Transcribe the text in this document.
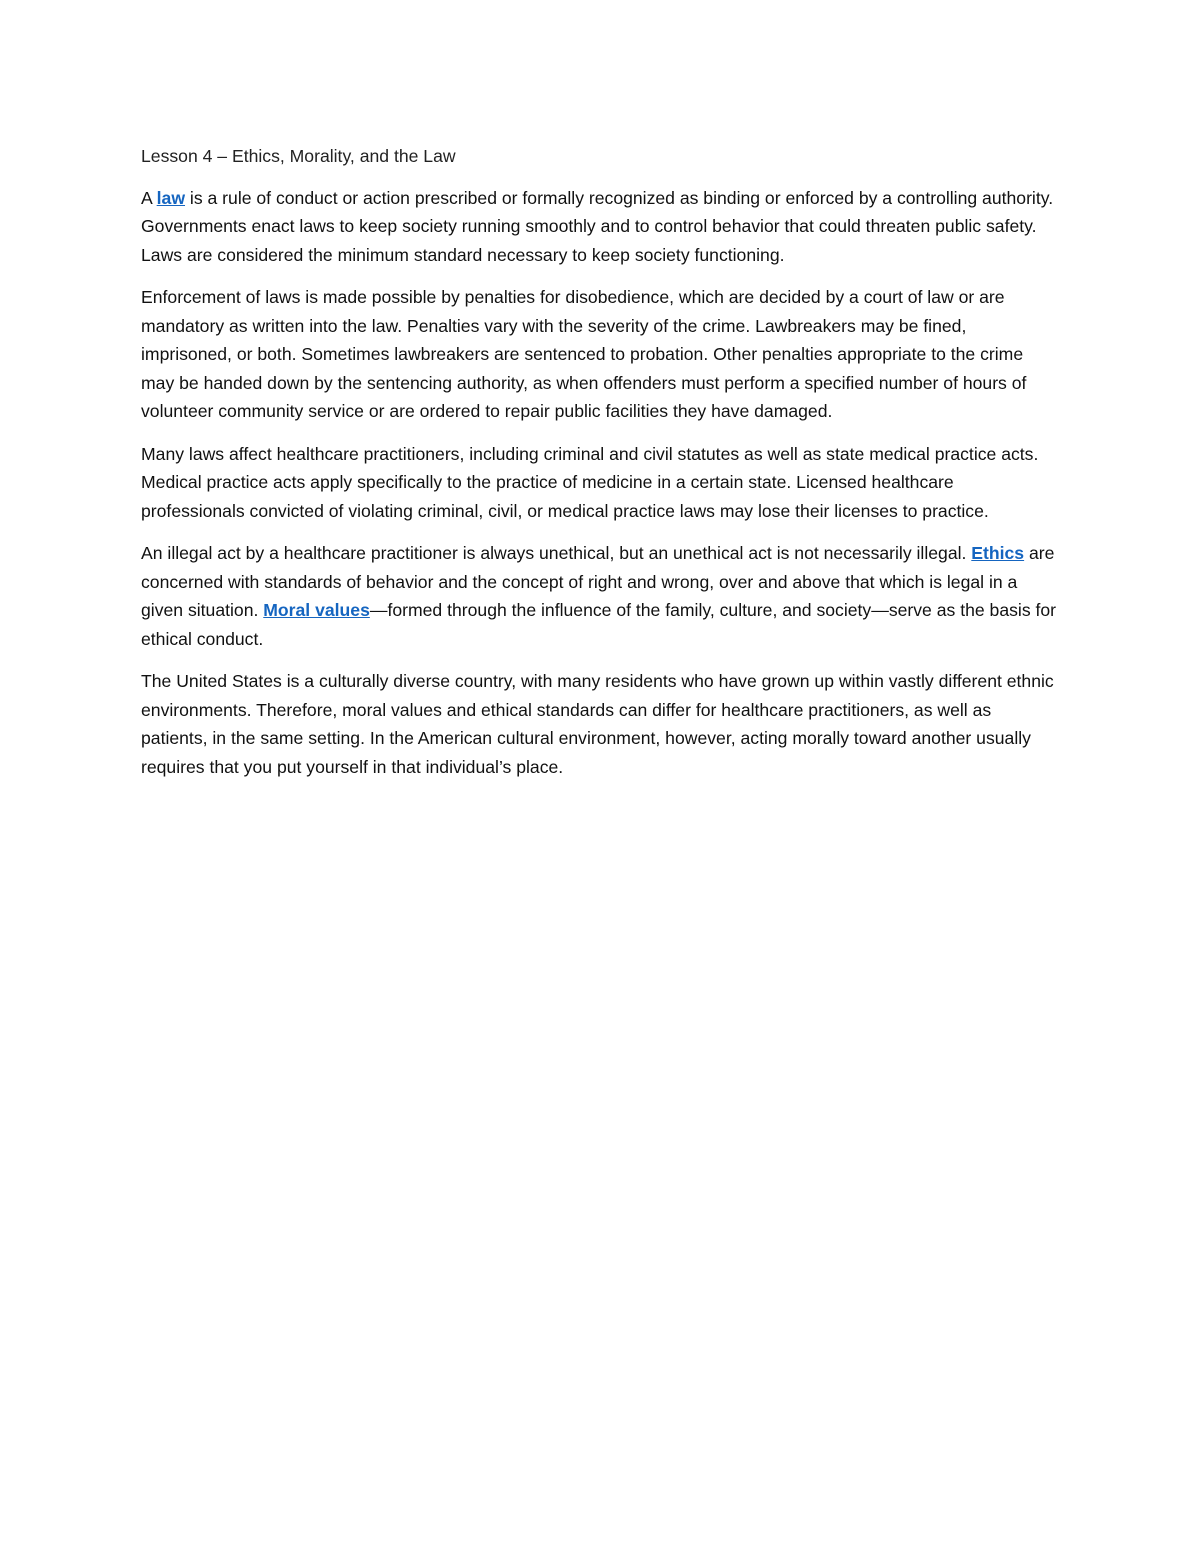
Lesson 4 – Ethics, Morality, and the Law

A law is a rule of conduct or action prescribed or formally recognized as binding or enforced by a controlling authority. Governments enact laws to keep society running smoothly and to control behavior that could threaten public safety. Laws are considered the minimum standard necessary to keep society functioning.

Enforcement of laws is made possible by penalties for disobedience, which are decided by a court of law or are mandatory as written into the law. Penalties vary with the severity of the crime. Lawbreakers may be fined, imprisoned, or both. Sometimes lawbreakers are sentenced to probation. Other penalties appropriate to the crime may be handed down by the sentencing authority, as when offenders must perform a specified number of hours of volunteer community service or are ordered to repair public facilities they have damaged.

Many laws affect healthcare practitioners, including criminal and civil statutes as well as state medical practice acts. Medical practice acts apply specifically to the practice of medicine in a certain state. Licensed healthcare professionals convicted of violating criminal, civil, or medical practice laws may lose their licenses to practice.

An illegal act by a healthcare practitioner is always unethical, but an unethical act is not necessarily illegal. Ethics are concerned with standards of behavior and the concept of right and wrong, over and above that which is legal in a given situation. Moral values—formed through the influence of the family, culture, and society—serve as the basis for ethical conduct.

The United States is a culturally diverse country, with many residents who have grown up within vastly different ethnic environments. Therefore, moral values and ethical standards can differ for healthcare practitioners, as well as patients, in the same setting. In the American cultural environment, however, acting morally toward another usually requires that you put yourself in that individual’s place.
